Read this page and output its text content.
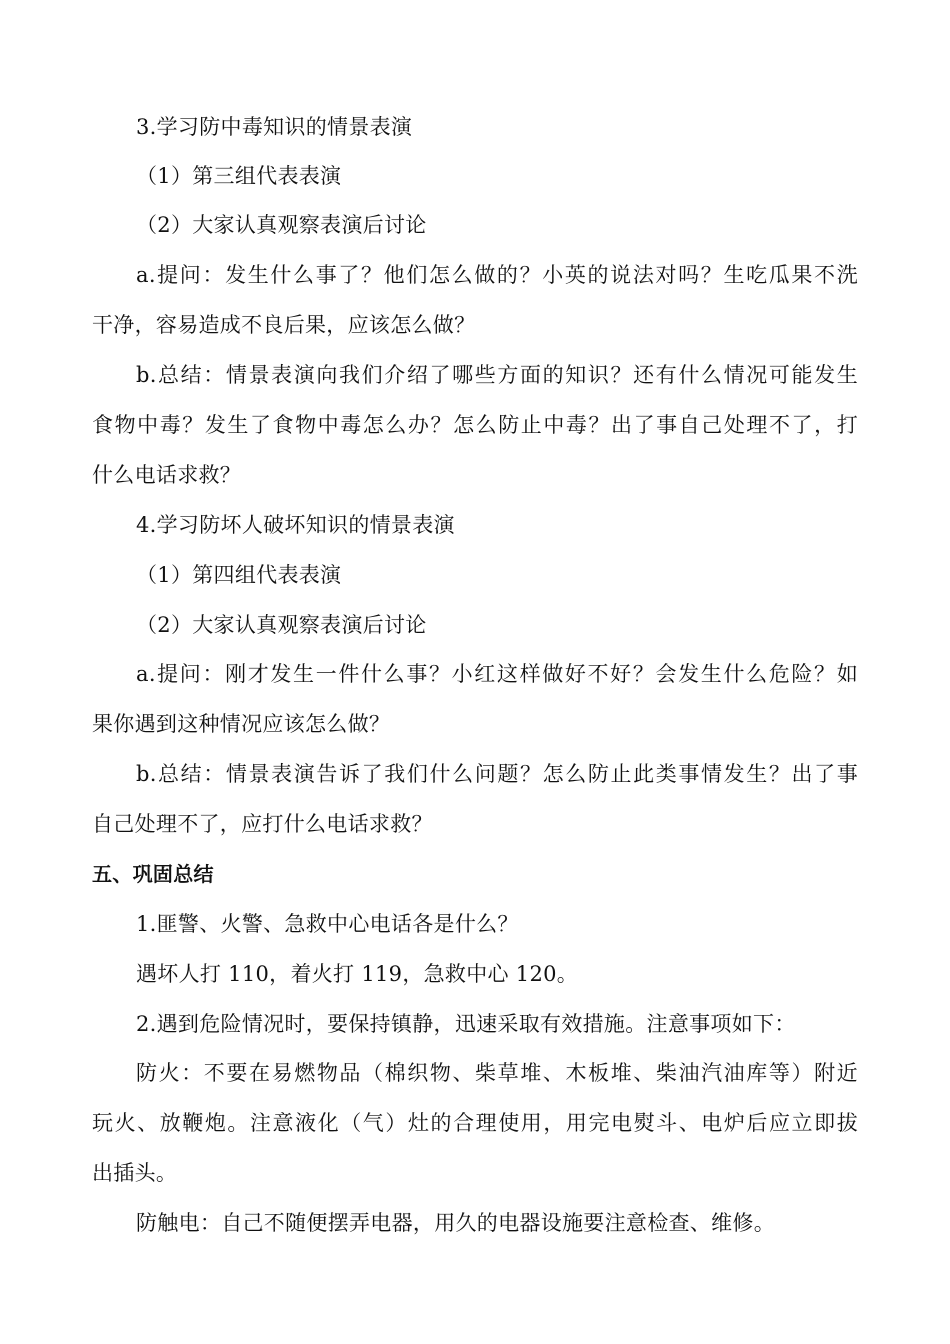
3.学习防中毒知识的情景表演
（1）第三组代表表演
（2）大家认真观察表演后讨论
a.提问：发生什么事了？他们怎么做的？小英的说法对吗？生吃瓜果不洗
干净，容易造成不良后果，应该怎么做？
b.总结：情景表演向我们介绍了哪些方面的知识？还有什么情况可能发生
食物中毒？发生了食物中毒怎么办？怎么防止中毒？出了事自己处理不了，打
什么电话求救？
4.学习防坏人破坏知识的情景表演
（1）第四组代表表演
（2）大家认真观察表演后讨论
a.提问：刚才发生一件什么事？小红这样做好不好？会发生什么危险？如
果你遇到这种情况应该怎么做？
b.总结：情景表演告诉了我们什么问题？怎么防止此类事情发生？出了事
自己处理不了，应打什么电话求救？
五、巩固总结
1.匪警、火警、急救中心电话各是什么？
遇坏人打 110，着火打 119，急救中心 120。
2.遇到危险情况时，要保持镇静，迅速采取有效措施。注意事项如下：
防火：不要在易燃物品（棉织物、柴草堆、木板堆、柴油汽油库等）附近
玩火、放鞭炮。注意液化（气）灶的合理使用，用完电熨斗、电炉后应立即拔
出插头。
防触电：自己不随便摆弄电器，用久的电器设施要注意检查、维修。
